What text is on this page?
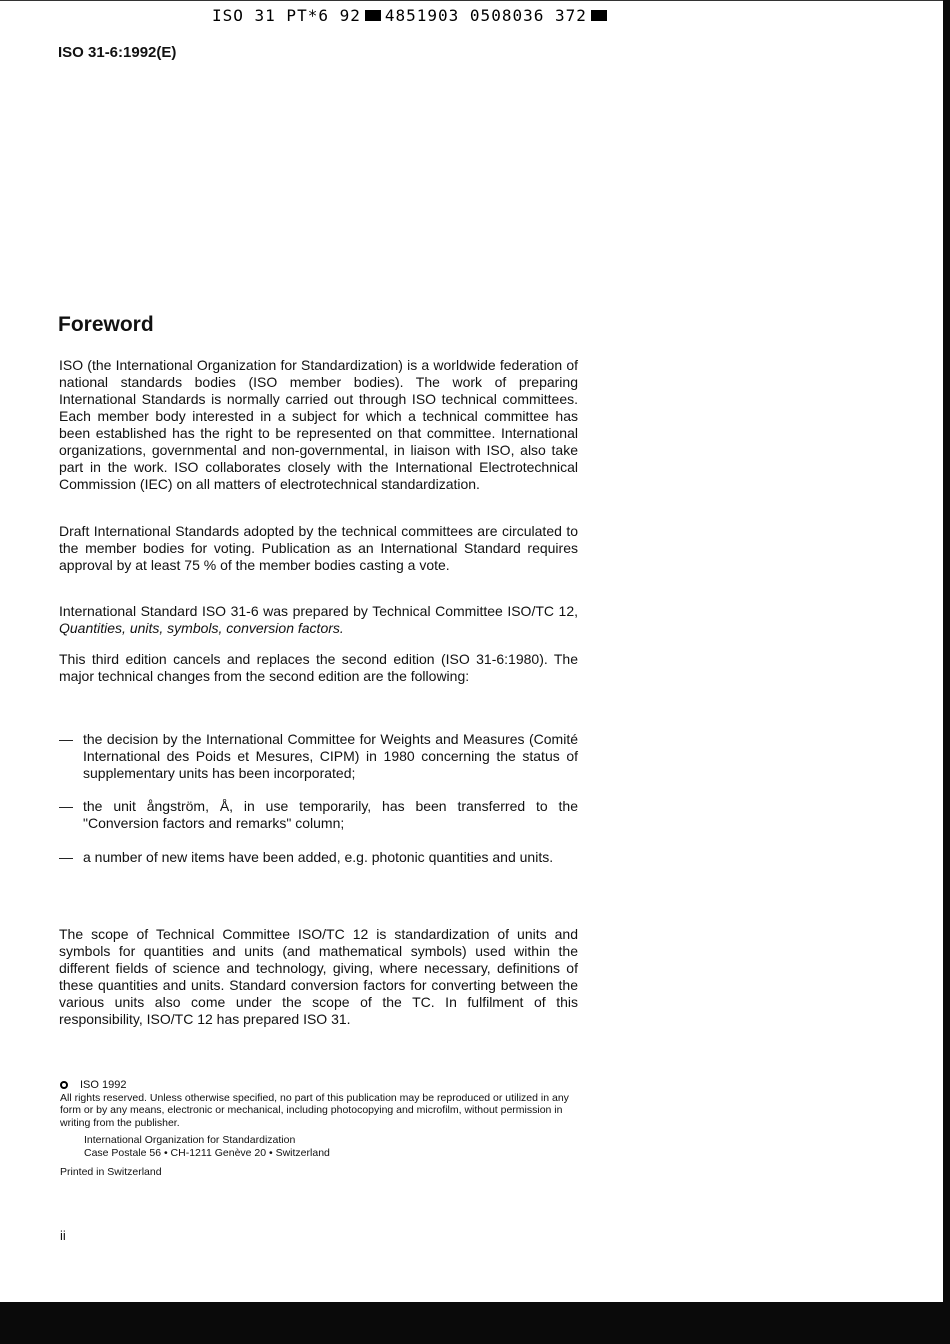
ISO 31 PT*6 92 4851903 0508036 372
ISO 31-6:1992(E)
Foreword

ISO (the International Organization for Standardization) is a worldwide federation of national standards bodies (ISO member bodies). The work of preparing International Standards is normally carried out through ISO technical committees. Each member body interested in a subject for which a technical committee has been established has the right to be represented on that committee. International organizations, governmental and non-governmental, in liaison with ISO, also take part in the work. ISO collaborates closely with the International Electrotechnical Commission (IEC) on all matters of electrotechnical standardization.

Draft International Standards adopted by the technical committees are circulated to the member bodies for voting. Publication as an International Standard requires approval by at least 75 % of the member bodies casting a vote.

International Standard ISO 31-6 was prepared by Technical Committee ISO/TC 12, Quantities, units, symbols, conversion factors.

This third edition cancels and replaces the second edition (ISO 31-6:1980). The major technical changes from the second edition are the following:

— the decision by the International Committee for Weights and Measures (Comité International des Poids et Mesures, CIPM) in 1980 concerning the status of supplementary units has been incorporated;
— the unit ångström, Å, in use temporarily, has been transferred to the "Conversion factors and remarks" column;
— a number of new items have been added, e.g. photonic quantities and units.

The scope of Technical Committee ISO/TC 12 is standardization of units and symbols for quantities and units (and mathematical symbols) used within the different fields of science and technology, giving, where necessary, definitions of these quantities and units. Standard conversion factors for converting between the various units also come under the scope of the TC. In fulfilment of this responsibility, ISO/TC 12 has prepared ISO 31.

ISO 1992
All rights reserved. Unless otherwise specified, no part of this publication may be reproduced or utilized in any form or by any means, electronic or mechanical, including photocopying and microfilm, without permission in writing from the publisher.
International Organization for Standardization
Case Postale 56 • CH-1211 Genève 20 • Switzerland
Printed in Switzerland
ii
